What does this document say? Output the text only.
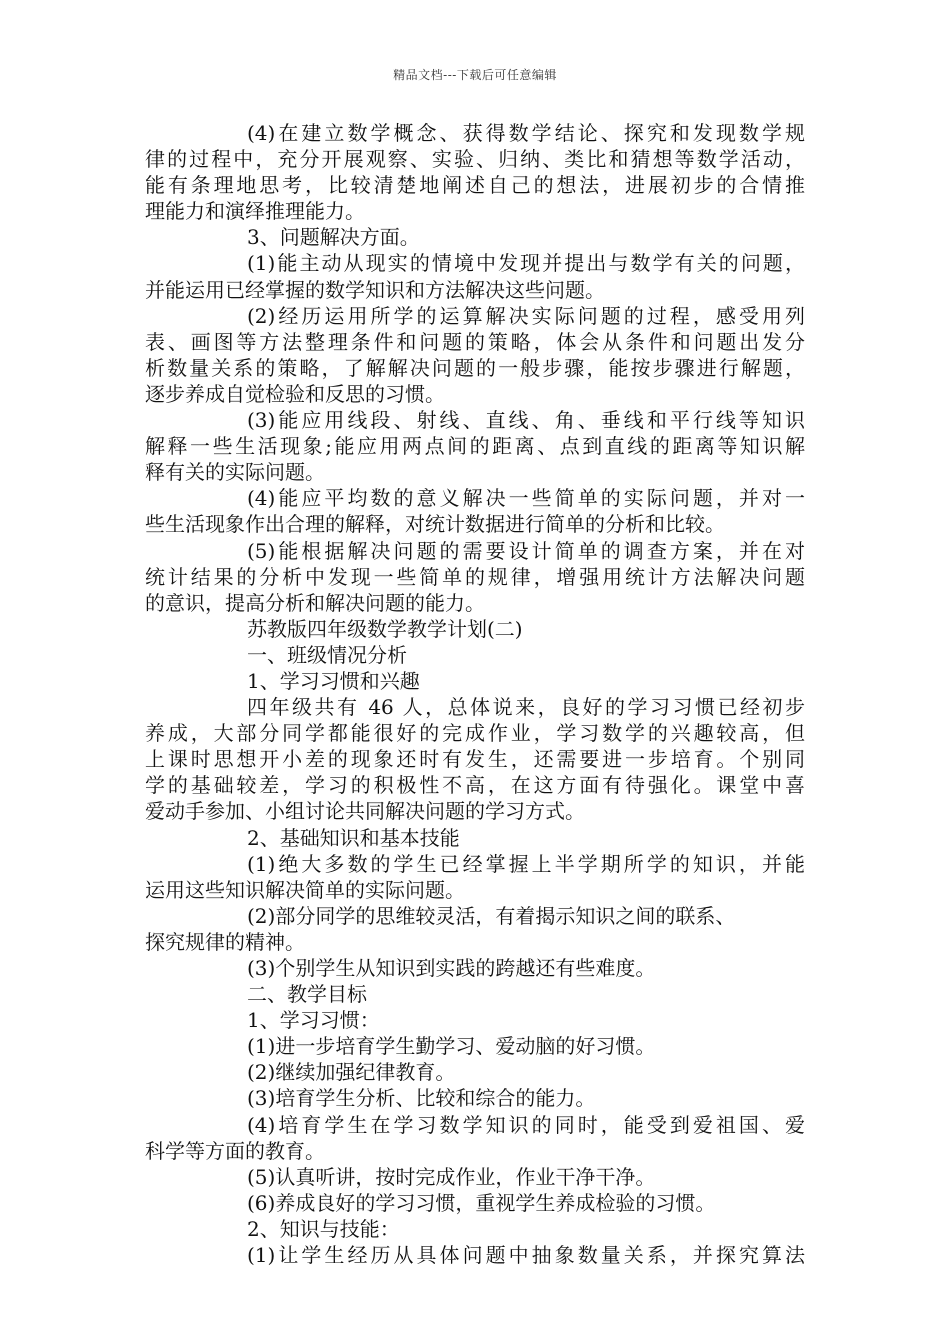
精品文档---下载后可任意编辑
(4)在建立数学概念、获得数学结论、探究和发现数学规
律的过程中，充分开展观察、实验、归纳、类比和猜想等数学活动，
能有条理地思考，比较清楚地阐述自己的想法，进展初步的合情推
理能力和演绎推理能力。
3、问题解决方面。
(1)能主动从现实的情境中发现并提出与数学有关的问题，
并能运用已经掌握的数学知识和方法解决这些问题。
(2)经历运用所学的运算解决实际问题的过程，感受用列
表、画图等方法整理条件和问题的策略，体会从条件和问题出发分
析数量关系的策略，了解解决问题的一般步骤，能按步骤进行解题，
逐步养成自觉检验和反思的习惯。
(3)能应用线段、射线、直线、角、垂线和平行线等知识
解释一些生活现象;能应用两点间的距离、点到直线的距离等知识解
释有关的实际问题。
(4)能应平均数的意义解决一些简单的实际问题，并对一
些生活现象作出合理的解释，对统计数据进行简单的分析和比较。
(5)能根据解决问题的需要设计简单的调查方案，并在对
统计结果的分析中发现一些简单的规律，增强用统计方法解决问题
的意识，提高分析和解决问题的能力。
苏教版四年级数学教学计划(二)
一、班级情况分析
1、学习习惯和兴趣
四年级共有 46 人，总体说来，良好的学习习惯已经初步
养成，大部分同学都能很好的完成作业，学习数学的兴趣较高，但
上课时思想开小差的现象还时有发生，还需要进一步培育。个别同
学的基础较差，学习的积极性不高，在这方面有待强化。课堂中喜
爱动手参加、小组讨论共同解决问题的学习方式。
2、基础知识和基本技能
(1)绝大多数的学生已经掌握上半学期所学的知识，并能
运用这些知识解决简单的实际问题。
(2)部分同学的思维较灵活，有着揭示知识之间的联系、
探究规律的精神。
(3)个别学生从知识到实践的跨越还有些难度。
二、教学目标
1、学习习惯：
(1)进一步培育学生勤学习、爱动脑的好习惯。
(2)继续加强纪律教育。
(3)培育学生分析、比较和综合的能力。
(4)培育学生在学习数学知识的同时，能受到爱祖国、爱
科学等方面的教育。
(5)认真听讲，按时完成作业，作业干净干净。
(6)养成良好的学习习惯，重视学生养成检验的习惯。
2、知识与技能：
(1)让学生经历从具体问题中抽象数量关系，并探究算法
